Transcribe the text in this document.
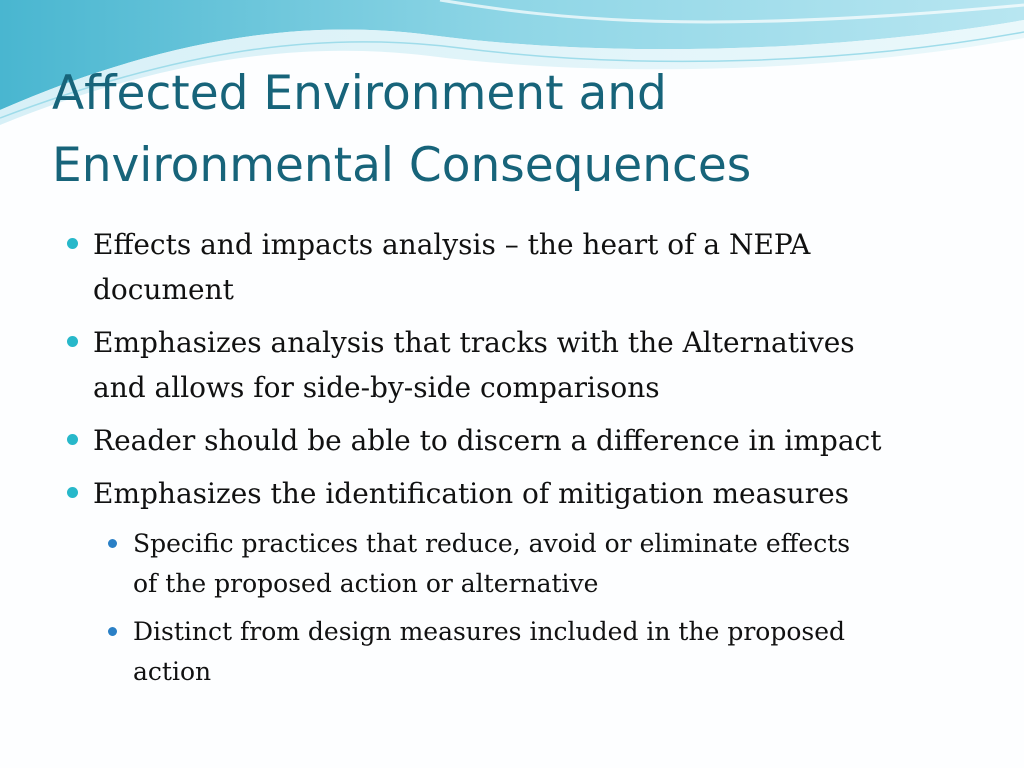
Affected Environment and
Environmental Consequences
Effects and impacts analysis – the heart of a NEPA
document
Emphasizes analysis that tracks with the Alternatives
and allows for side-by-side comparisons
Reader should be able to discern a difference in impact
Emphasizes the identification of mitigation measures
Specific practices that reduce, avoid or eliminate effects
of the proposed action or alternative
Distinct from design measures included in the proposed
action
